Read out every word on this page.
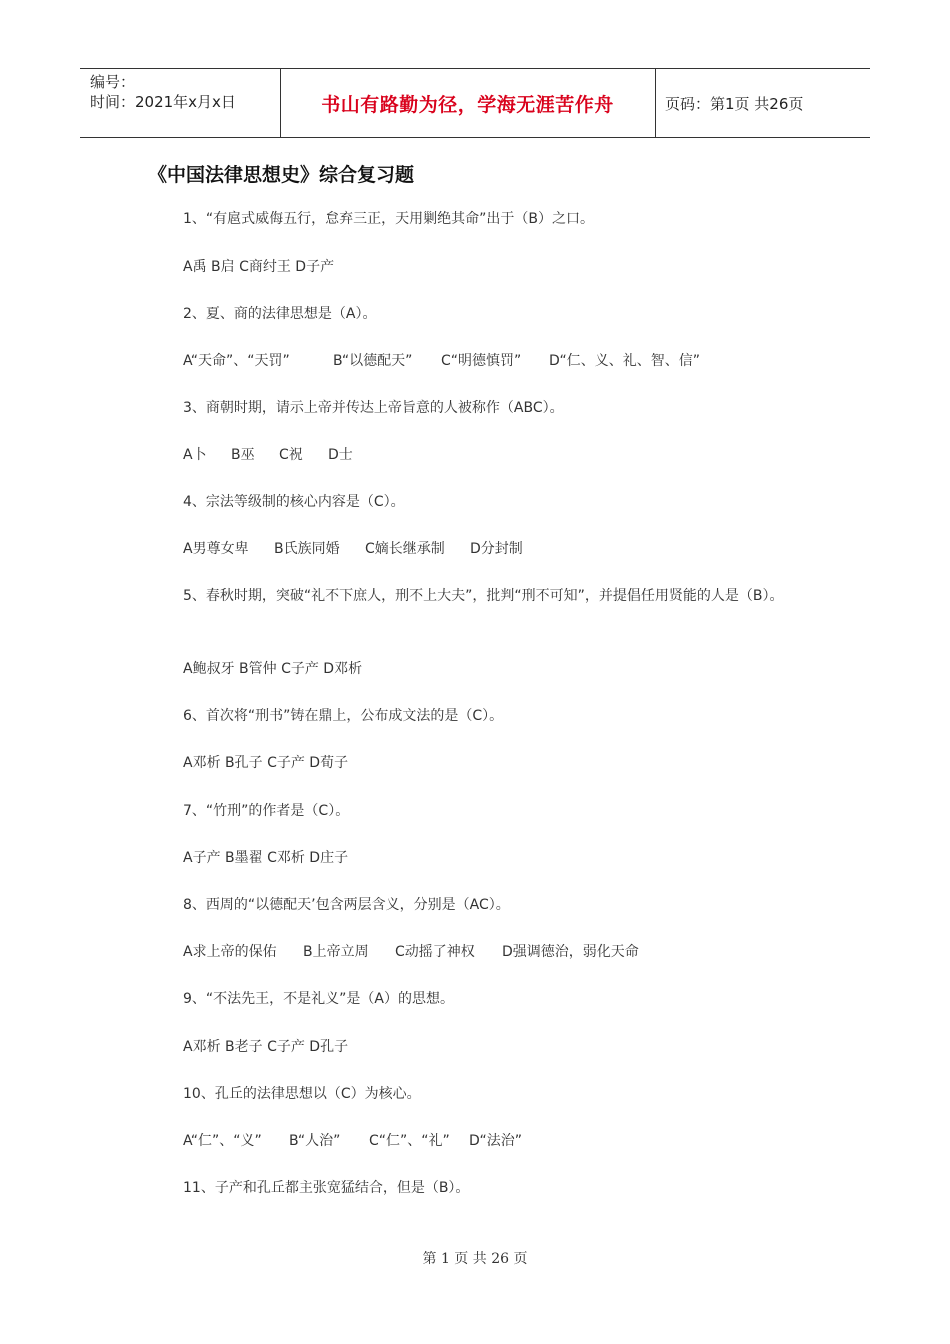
编号：
时间：2021年x月x日	书山有路勤为径，学海无涯苦作舟	页码：第1页 共26页
《中国法律思想史》综合复习题
1、“有扈式威侮五行，怠弃三正，天用剿绝其命”出于（B）之口。
A禹 B启 C商纣王 D子产
2、夏、商的法律思想是（A）。
A“天命”、“天罚”	B“以德配天” C“明德慎罚” D“仁、义、礼、智、信”
3、商朝时期，请示上帝并传达上帝旨意的人被称作（ABC）。
A卜 B巫 C祝 D士
4、宗法等级制的核心内容是（C）。
A男尊女卑 B氏族同婚 C嫡长继承制 D分封制
5、春秋时期，突破“礼不下庶人，刑不上大夫”，批判“刑不可知”，并提倡任用贤能的人是（B）。
A鲍叔牙 B管仲 C子产 D邓析
6、首次将“刑书”铸在鼎上，公布成文法的是（C）。
A邓析 B孔子 C子产 D荀子
7、“竹刑”的作者是（C）。
A子产 B墨翟 C邓析 D庄子
8、西周的“以德配天’包含两层含义，分别是（AC）。
A求上帝的保佑 B上帝立周 C动摇了神权 D强调德治，弱化天命
9、“不法先王，不是礼义”是（A）的思想。
A邓析 B老子 C子产 D孔子
10、孔丘的法律思想以（C）为核心。
A“仁”、“义” B“人治” C“仁”、“礼” D“法治”
11、子产和孔丘都主张宽猛结合，但是（B）。
第 1 页 共 26 页
